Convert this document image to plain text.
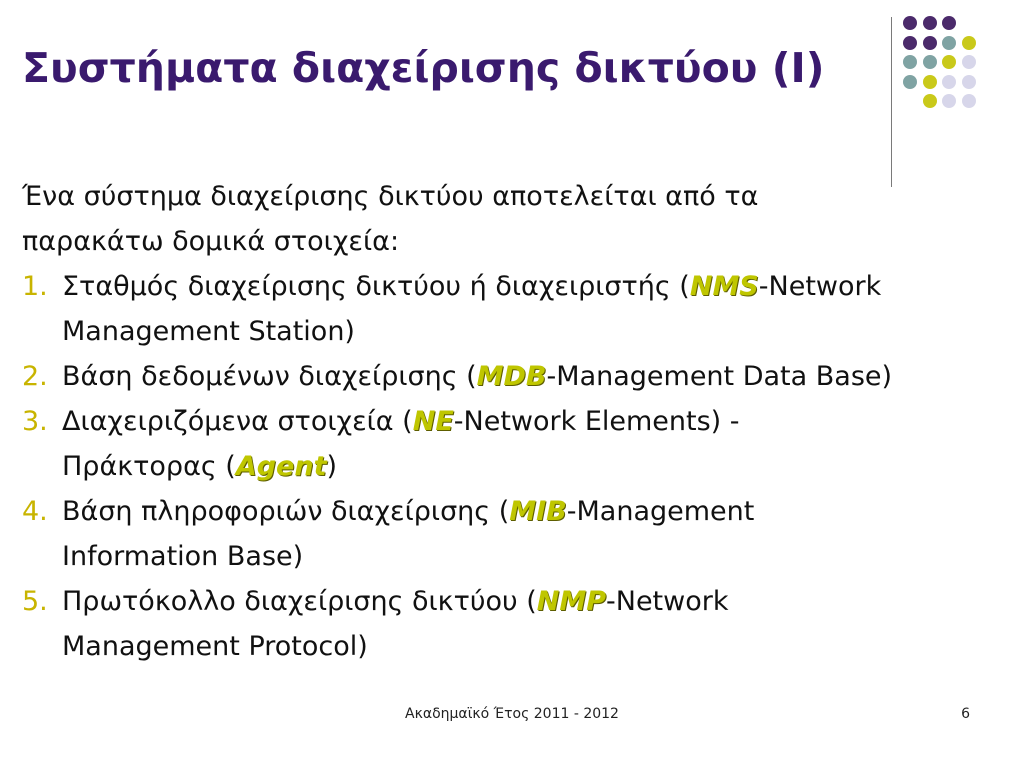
Συστήματα διαχείρισης δικτύου (Ι)

Ένα σύστημα διαχείρισης δικτύου αποτελείται από τα παρακάτω δομικά στοιχεία:

1. Σταθμός διαχείρισης δικτύου ή διαχειριστής (NMS-Network Management Station)
2. Βάση δεδομένων διαχείρισης (MDB-Management Data Base)
3. Διαχειριζόμενα στοιχεία (NE-Network Elements) - Πράκτορας (Agent)
4. Βάση πληροφοριών διαχείρισης (MIB-Management Information Base)
5. Πρωτόκολλο διαχείρισης δικτύου (NMP-Network Management Protocol)
Ακαδημαϊκό Έτος 2011 - 2012	6
